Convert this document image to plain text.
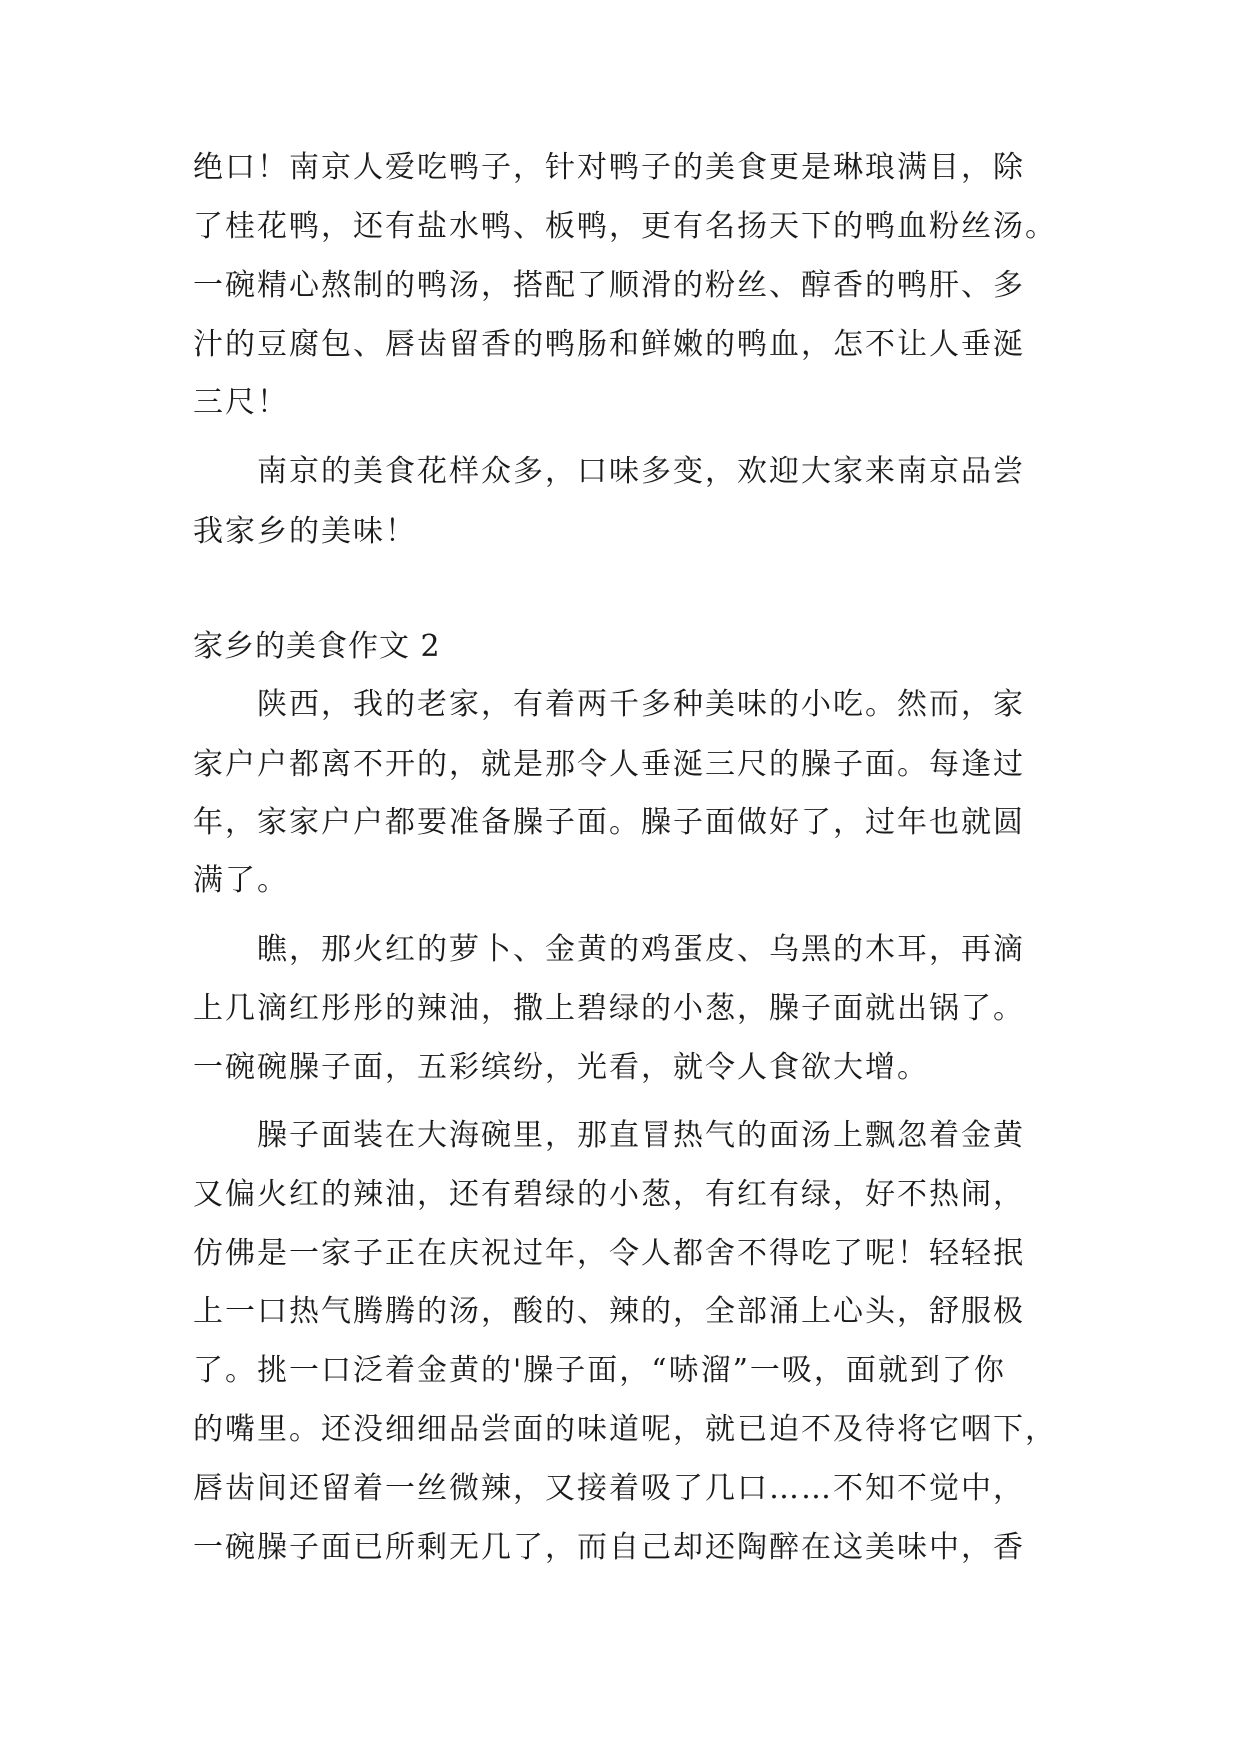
绝口！南京人爱吃鸭子，针对鸭子的美食更是琳琅满目，除
了桂花鸭，还有盐水鸭、板鸭，更有名扬天下的鸭血粉丝汤。
一碗精心熬制的鸭汤，搭配了顺滑的粉丝、醇香的鸭肝、多
汁的豆腐包、唇齿留香的鸭肠和鲜嫩的鸭血，怎不让人垂涎
三尺！
　　南京的美食花样众多，口味多变，欢迎大家来南京品尝
我家乡的美味！
家乡的美食作文 2
　　陕西，我的老家，有着两千多种美味的小吃。然而，家
家户户都离不开的，就是那令人垂涎三尺的臊子面。每逢过
年，家家户户都要准备臊子面。臊子面做好了，过年也就圆
满了。
　　瞧，那火红的萝卜、金黄的鸡蛋皮、乌黑的木耳，再滴
上几滴红彤彤的辣油，撒上碧绿的小葱，臊子面就出锅了。
一碗碗臊子面，五彩缤纷，光看，就令人食欲大增。
　　臊子面装在大海碗里，那直冒热气的面汤上飘忽着金黄
又偏火红的辣油，还有碧绿的小葱，有红有绿，好不热闹，
仿佛是一家子正在庆祝过年，令人都舍不得吃了呢！轻轻抿
上一口热气腾腾的汤，酸的、辣的，全部涌上心头，舒服极
了。挑一口泛着金黄的'臊子面，“哧溜”一吸，面就到了你
的嘴里。还没细细品尝面的味道呢，就已迫不及待将它咽下，
唇齿间还留着一丝微辣，又接着吸了几口……不知不觉中，
一碗臊子面已所剩无几了，而自己却还陶醉在这美味中，香
